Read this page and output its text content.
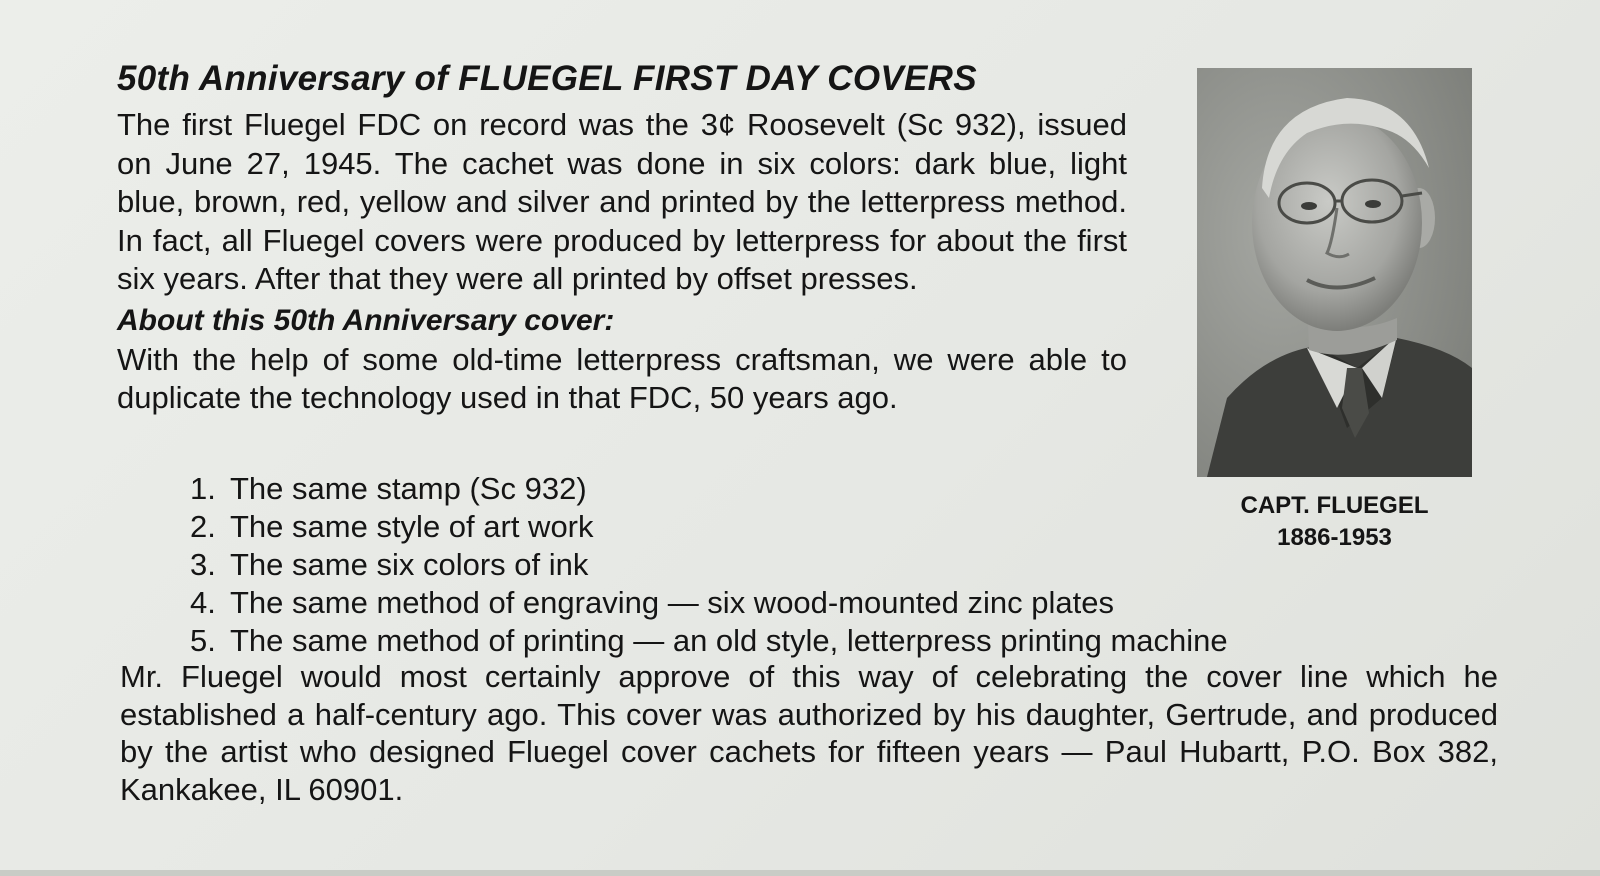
50th Anniversary of FLUEGEL FIRST DAY COVERS

The first Fluegel FDC on record was the 3¢ Roosevelt (Sc 932), issued on June 27, 1945. The cachet was done in six colors: dark blue, light blue, brown, red, yellow and silver and printed by the letterpress method. In fact, all Fluegel covers were produced by letterpress for about the first six years. After that they were all printed by offset presses.

About this 50th Anniversary cover:

With the help of some old-time letterpress craftsman, we were able to duplicate the technology used in that FDC, 50 years ago.

1. The same stamp (Sc 932)
2. The same style of art work
3. The same six colors of ink
4. The same method of engraving — six wood-mounted zinc plates
5. The same method of printing — an old style, letterpress printing machine

Mr. Fluegel would most certainly approve of this way of celebrating the cover line which he established a half-century ago. This cover was authorized by his daughter, Gertrude, and produced by the artist who designed Fluegel cover cachets for fifteen years — Paul Hubartt, P.O. Box 382, Kankakee, IL 60901.

CAPT. FLUEGEL
1886-1953
